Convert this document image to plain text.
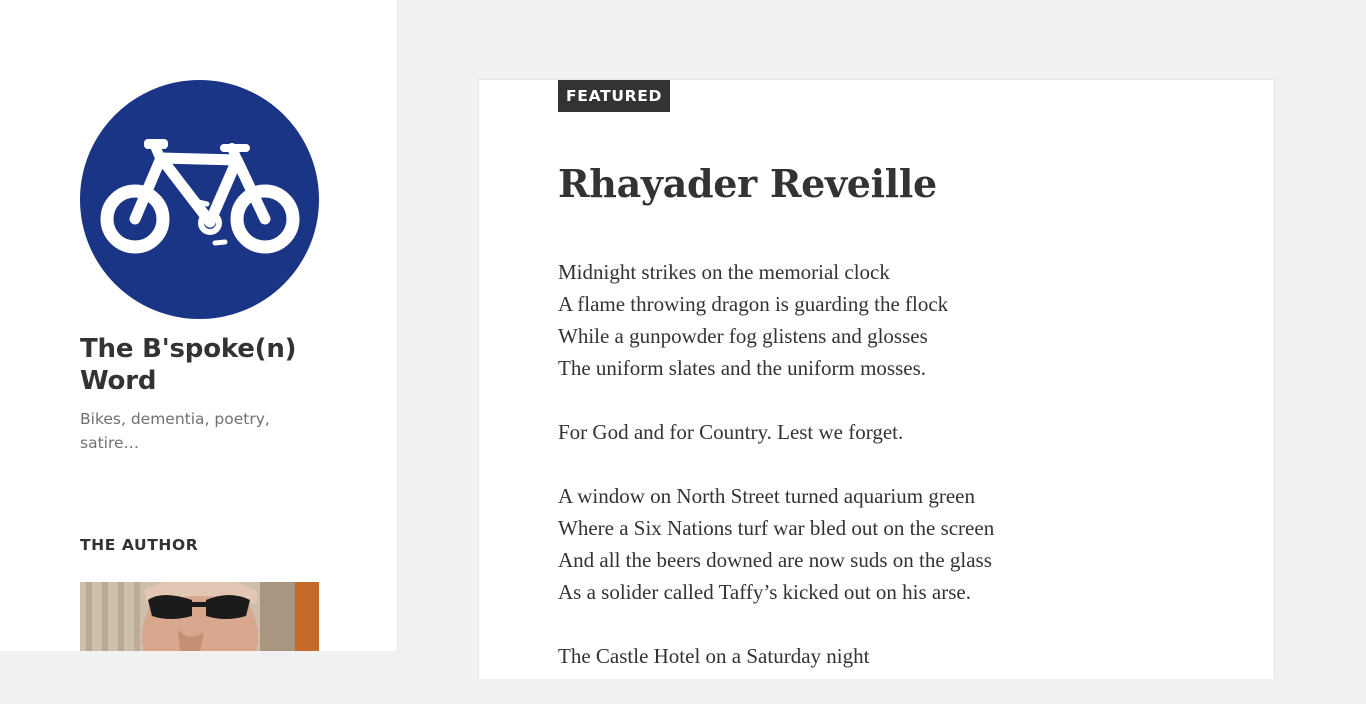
The B'spoke(n) Word

Bikes, dementia, poetry, satire…

THE AUTHOR
FEATURED
Rhayader Reveille

Midnight strikes on the memorial clock
A flame throwing dragon is guarding the flock
While a gunpowder fog glistens and glosses
The uniform slates and the uniform mosses.

For God and for Country. Lest we forget.

A window on North Street turned aquarium green
Where a Six Nations turf war bled out on the screen
And all the beers downed are now suds on the glass
As a solider called Taffy’s kicked out on his arse.

The Castle Hotel on a Saturday night
